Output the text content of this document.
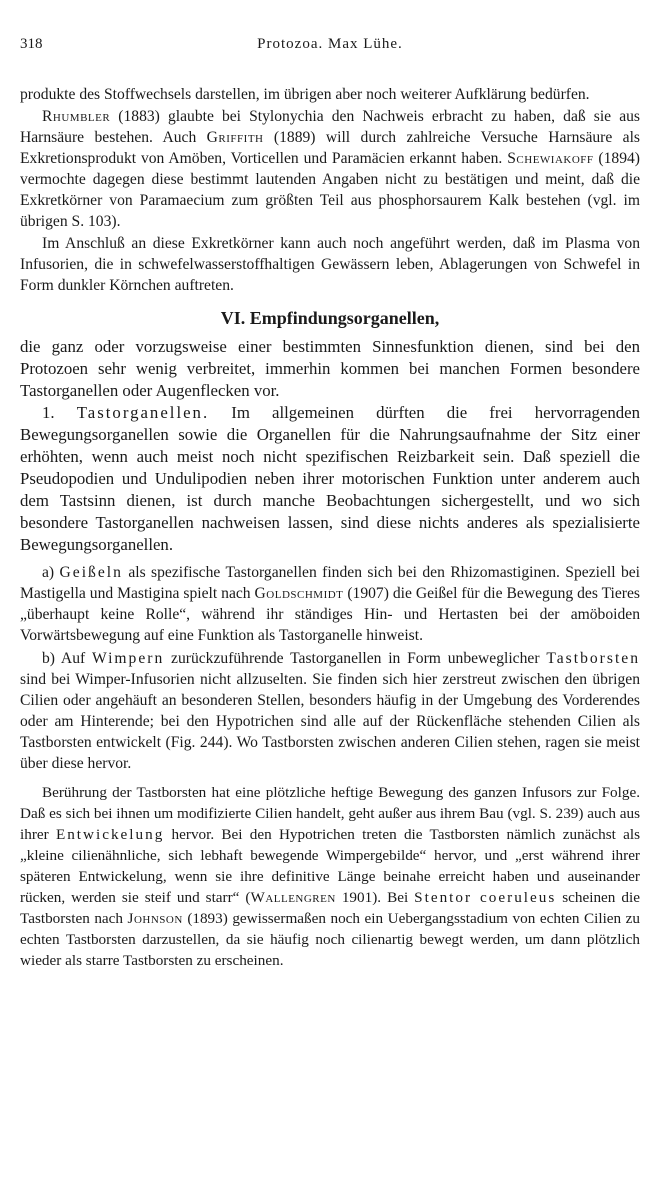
318	Protozoa. Max Lühe.

produkte des Stoffwechsels darstellen, im übrigen aber noch weiterer Aufklärung bedürfen.

Rhumbler (1883) glaubte bei Stylonychia den Nachweis erbracht zu haben, daß sie aus Harnsäure bestehen. Auch Griffith (1889) will durch zahlreiche Versuche Harnsäure als Exkretionsprodukt von Amöben, Vorticellen und Paramäcien erkannt haben. Schewiakoff (1894) vermochte dagegen diese bestimmt lautenden Angaben nicht zu bestätigen und meint, daß die Exkretkörner von Paramaecium zum größten Teil aus phosphorsaurem Kalk bestehen (vgl. im übrigen S. 103).

Im Anschluß an diese Exkretkörner kann auch noch angeführt werden, daß im Plasma von Infusorien, die in schwefelwasserstoffhaltigen Gewässern leben, Ablagerungen von Schwefel in Form dunkler Körnchen auftreten.

VI. Empfindungsorganellen,

die ganz oder vorzugsweise einer bestimmten Sinnesfunktion dienen, sind bei den Protozoen sehr wenig verbreitet, immerhin kommen bei manchen Formen besondere Tastorganellen oder Augenflecken vor.

1. Tastorganellen. Im allgemeinen dürften die frei hervorragenden Bewegungsorganellen sowie die Organellen für die Nahrungsaufnahme der Sitz einer erhöhten, wenn auch meist noch nicht spezifischen Reizbarkeit sein. Daß speziell die Pseudopodien und Undulipodien neben ihrer motorischen Funktion unter anderem auch dem Tastsinn dienen, ist durch manche Beobachtungen sichergestellt, und wo sich besondere Tastorganellen nachweisen lassen, sind diese nichts anderes als spezialisierte Bewegungsorganellen.

a) Geißeln als spezifische Tastorganellen finden sich bei den Rhizomastiginen. Speziell bei Mastigella und Mastigina spielt nach Goldschmidt (1907) die Geißel für die Bewegung des Tieres „überhaupt keine Rolle“, während ihr ständiges Hin- und Hertasten bei der amöboiden Vorwärtsbewegung auf eine Funktion als Tastorganelle hinweist.

b) Auf Wimpern zurückzuführende Tastorganellen in Form unbeweglicher Tastborsten sind bei Wimper-Infusorien nicht allzuselten. Sie finden sich hier zerstreut zwischen den übrigen Cilien oder angehäuft an besonderen Stellen, besonders häufig in der Umgebung des Vorderendes oder am Hinterende; bei den Hypotrichen sind alle auf der Rückenfläche stehenden Cilien als Tastborsten entwickelt (Fig. 244). Wo Tastborsten zwischen anderen Cilien stehen, ragen sie meist über diese hervor.

Berührung der Tastborsten hat eine plötzliche heftige Bewegung des ganzen Infusors zur Folge. Daß es sich bei ihnen um modifizierte Cilien handelt, geht außer aus ihrem Bau (vgl. S. 239) auch aus ihrer Entwickelung hervor. Bei den Hypotrichen treten die Tastborsten nämlich zunächst als „kleine cilienähnliche, sich lebhaft bewegende Wimpergebilde“ hervor, und „erst während ihrer späteren Entwickelung, wenn sie ihre definitive Länge beinahe erreicht haben und auseinander rücken, werden sie steif und starr“ (Wallengren 1901). Bei Stentor coeruleus scheinen die Tastborsten nach Johnson (1893) gewissermaßen noch ein Uebergangsstadium von echten Cilien zu echten Tastborsten darzustellen, da sie häufig noch cilienartig bewegt werden, um dann plötzlich wieder als starre Tastborsten zu erscheinen.
